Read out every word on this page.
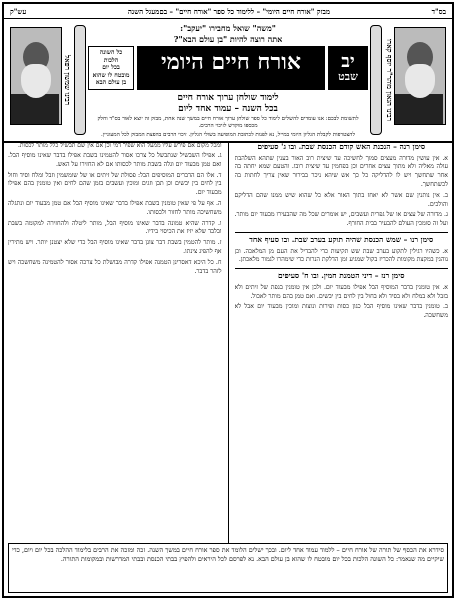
בס"ד
מבזק "אורח חיים היומי" – ללימוד כל ספר "אורח חיים" – בםמעגל השנה
עש"ק
רבינו הגאון מוהר"ר יוסף קארו
רבינו שמשון רפאל
"משה" שואל מחבירו "יעקב":
אתה רוצה להיות "בן עולם הבא"?
יב
שבט
אורח חיים היומי
כל השונה
הלכות
בכל יום
מובטח לו שהוא
בן עולם הבא
לימוד שולחן ערוך אורח חיים
בכל השנה – עמוד אחד ליום
לתשומת לבכם: אנו עומדים להשלים לימוד כל ספר שולחן ערוך אורח חיים במשך שנה אחת, מבזק זה יוצא לאור בס"ד וחלק מכספו מוקדש לזיכוי הרבים.
להצטרפות לקבלת הגליון היומי במייל, נא לפנות לכתובת המופיעה בשולי הגליון. זיכוי הרבים בהפצת המבזק לכל המעוניין.
סימן רנה – הנכנת האש קודם הכנסת שבת. ובו ג' סעיפים

א. אין עושין מדורה מעצים סמוך לחשיכה עד שיצית רוב האור בענין שתהא השלהבת עולה מאליה ולא מתוך עצים אחרים וכן בפחמין עד שיצית רובו. והטעם שמא יחתה בה אחר שתחשך ויש לו להדליקה כל כך אש שיהא ניכר בבירור שאין צריך לחתות בה לכשתחשך.

ב. אין נותנין שם אשר לא יאחז בתוך האור אלא כל שהוא שיש ממנו שהם הדליקם והולכים.

ג. מדורה של עצים או של גפרית ועשבים, יש אומרים שכל מה שהבעירו מבעוד יום מותר. ועל זה סומכין העולם להבעיר בבית החורף.

סימן רנו – שמש הכנסת שהיה תוקע בערב שבת. ובו סעיף אחד

א. כשהיו רגילין לתקוע בערב שבת שש תקיעות כדי להבדיל את העם מן המלאכה. וכן נוהגין במקצת מקומות להכריז בקול שמגיע זמן הדלקת הנרות כדי שימהרו לגמור מלאכתן.

סימן רנז – דיני הטמנת חמין. ובו ח' סעיפים

א. אין טומנין בדבר המוסיף הבל אפילו מבעוד יום. ולכן אין טומנין בגפת של זיתים ולא בזבל ולא במלח ולא בסיד ולא בחול בין לחים בין יבשים. ואם טמן בהם מותר לאכול.

ב. טומנין בדבר שאינו מוסיף הבל כגון כסות ופירות ונוצות ומוכין מבעוד יום אבל לא משחשכה.

ומכל מקום אם פירש עליו ממעל הוא שפיר דמי וכן אם אין שם תבשיל כלל מותר לכסות.

ג. אפילו השבשיל שנתבשל כל צרכו אסור להטמינו בשבת אפילו בדבר שאינו מוסיף הבל. ואם טמן מבעוד יום וגלה בשבת מותר לכסותו אם לא החזירו על האש.

ד. אלו הם הדברים המוסיפים הבל: פסולת של זיתים או של שומשמין וזבל ומלח וסיד וחול בין לחים בין יבשים וכן תבן וזגים ומוכין ועשבים בזמן שהם לחים ואין טומנין בהם אפילו מבעוד יום.

ה. אף על פי שאין טומנין בשבת אפילו בדבר שאינו מוסיף הבל אם טמן מבעוד יום ונתגלה משחשיכה מותר לחזור ולכסותו.

ו. קדרה שהיא טמונה בדבר שאינו מוסיף הבל, מותר ליטלה ולהחזירה למקומה בשבת ובלבד שלא יזיז את הכיסוי בידיו.

ז. מותר להטמין בשבת דבר צונן בדבר שאינו מוסיף הבל כדי שלא יצטנן יותר. ויש מתירין אף להפיג צינתו.

ח. כל היכא דאסרינן הטמנה אפילו קדרה מבושלת כל צרכה אסור להטמינה משחשכה ויש לזהר בדבר.

סידרא את הכסף של תורה של אורח חיים – ללמוד עמוד אחד ליום. ובכך ישלים הלומד את ספר אורח חיים במשך השנה. זכה ומזכה את הרבים בלימוד ההלכה בכל יום ויום, כדי שיקיים מה שנאמר: כל השונה הלכות בכל יום מובטח לו שהוא בן עולם הבא. נא לפרסם לכל היראים ולהפיץ בבתי הכנסת ובבתי המדרשות ובמקומות התורה.
